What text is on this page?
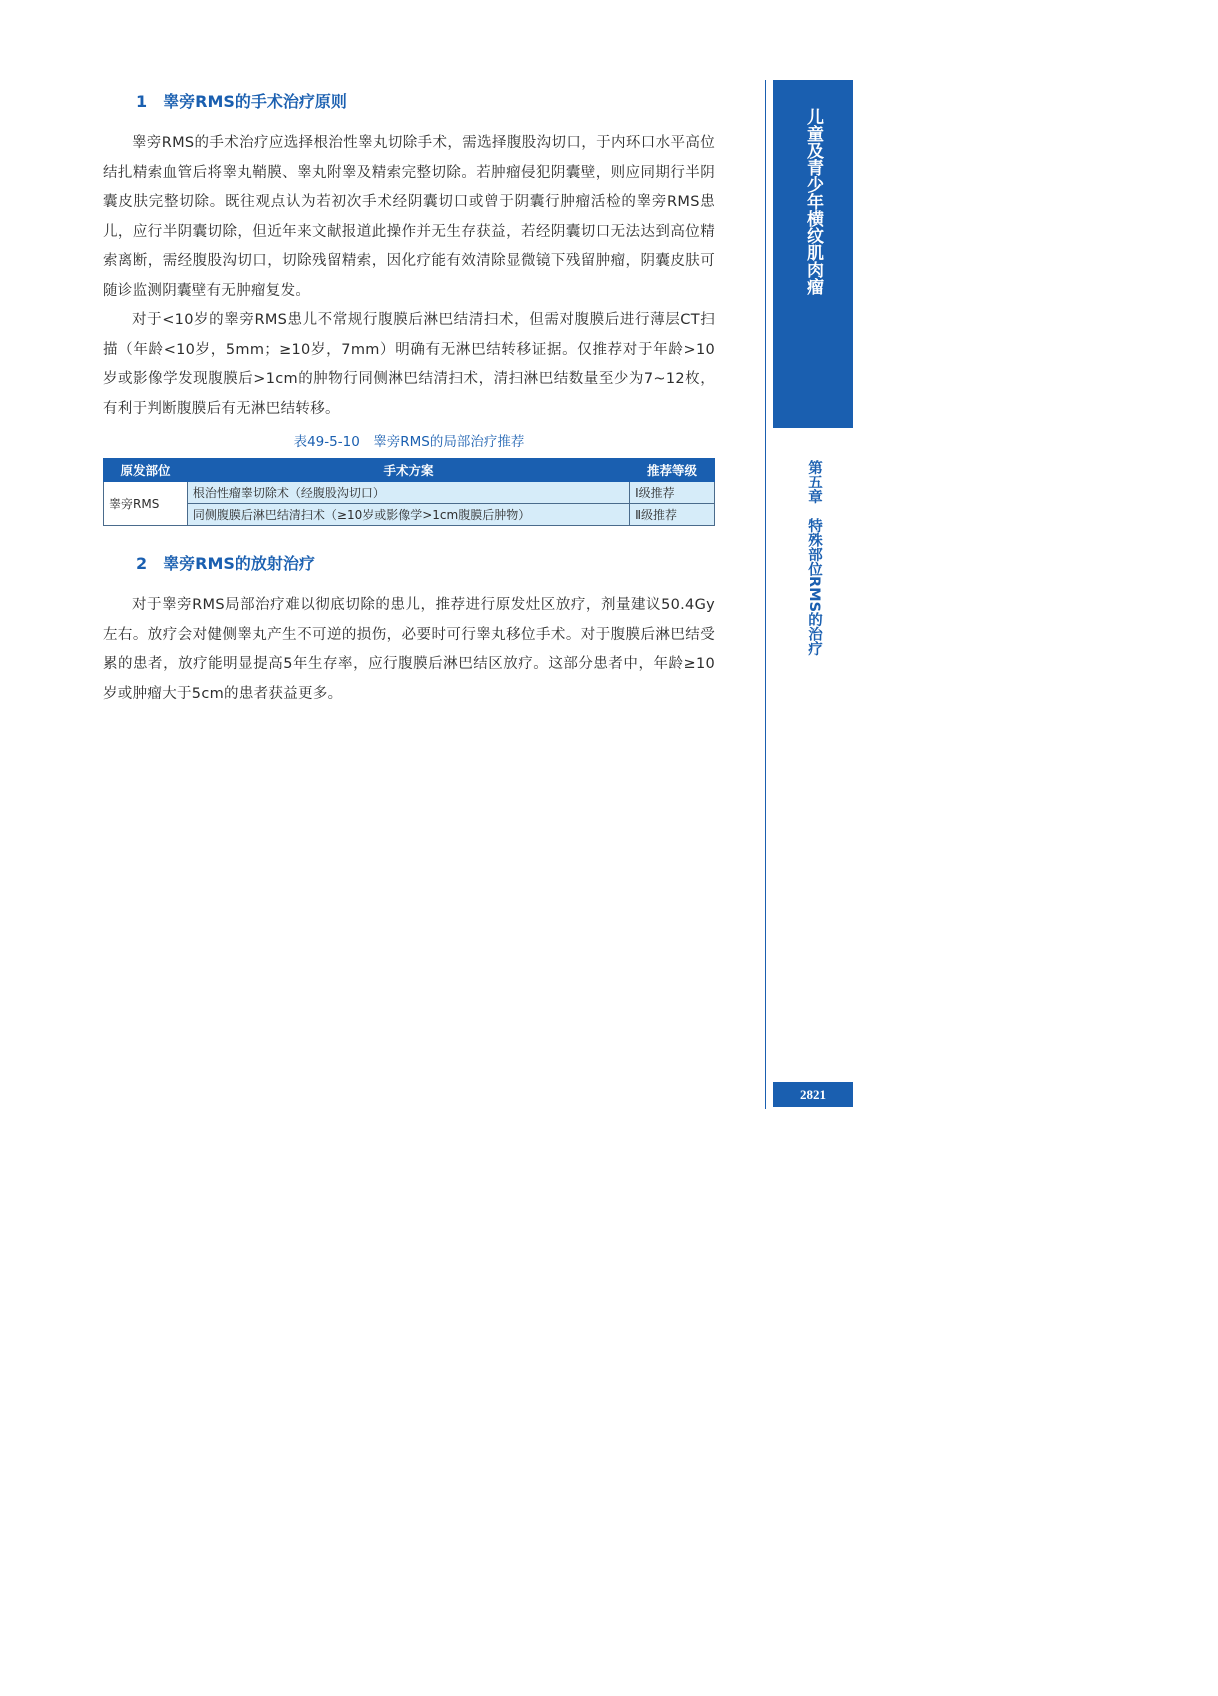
儿童及青少年横纹肌肉瘤
第五章　特殊部位RMS的治疗
2821
1 睾旁RMS的手术治疗原则

睾旁RMS的手术治疗应选择根治性睾丸切除手术，需选择腹股沟切口，于内环口水平高位结扎精索血管后将睾丸鞘膜、睾丸附睾及精索完整切除。若肿瘤侵犯阴囊壁，则应同期行半阴囊皮肤完整切除。既往观点认为若初次手术经阴囊切口或曾于阴囊行肿瘤活检的睾旁RMS患儿，应行半阴囊切除，但近年来文献报道此操作并无生存获益，若经阴囊切口无法达到高位精索离断，需经腹股沟切口，切除残留精索，因化疗能有效清除显微镜下残留肿瘤，阴囊皮肤可随诊监测阴囊壁有无肿瘤复发。

对于<10岁的睾旁RMS患儿不常规行腹膜后淋巴结清扫术，但需对腹膜后进行薄层CT扫描（年龄<10岁，5mm；≥10岁，7mm）明确有无淋巴结转移证据。仅推荐对于年龄>10岁或影像学发现腹膜后>1cm的肿物行同侧淋巴结清扫术，清扫淋巴结数量至少为7~12枚，有利于判断腹膜后有无淋巴结转移。

表49-5-10　睾旁RMS的局部治疗推荐
原发部位	手术方案	推荐等级
睾旁RMS	根治性瘤睾切除术（经腹股沟切口）	Ⅰ级推荐
	同侧腹膜后淋巴结清扫术（≥10岁或影像学>1cm腹膜后肿物）	Ⅱ级推荐
2 睾旁RMS的放射治疗

对于睾旁RMS局部治疗难以彻底切除的患儿，推荐进行原发灶区放疗，剂量建议50.4Gy左右。放疗会对健侧睾丸产生不可逆的损伤，必要时可行睾丸移位手术。对于腹膜后淋巴结受累的患者，放疗能明显提高5年生存率，应行腹膜后淋巴结区放疗。这部分患者中，年龄≥10岁或肿瘤大于5cm的患者获益更多。
